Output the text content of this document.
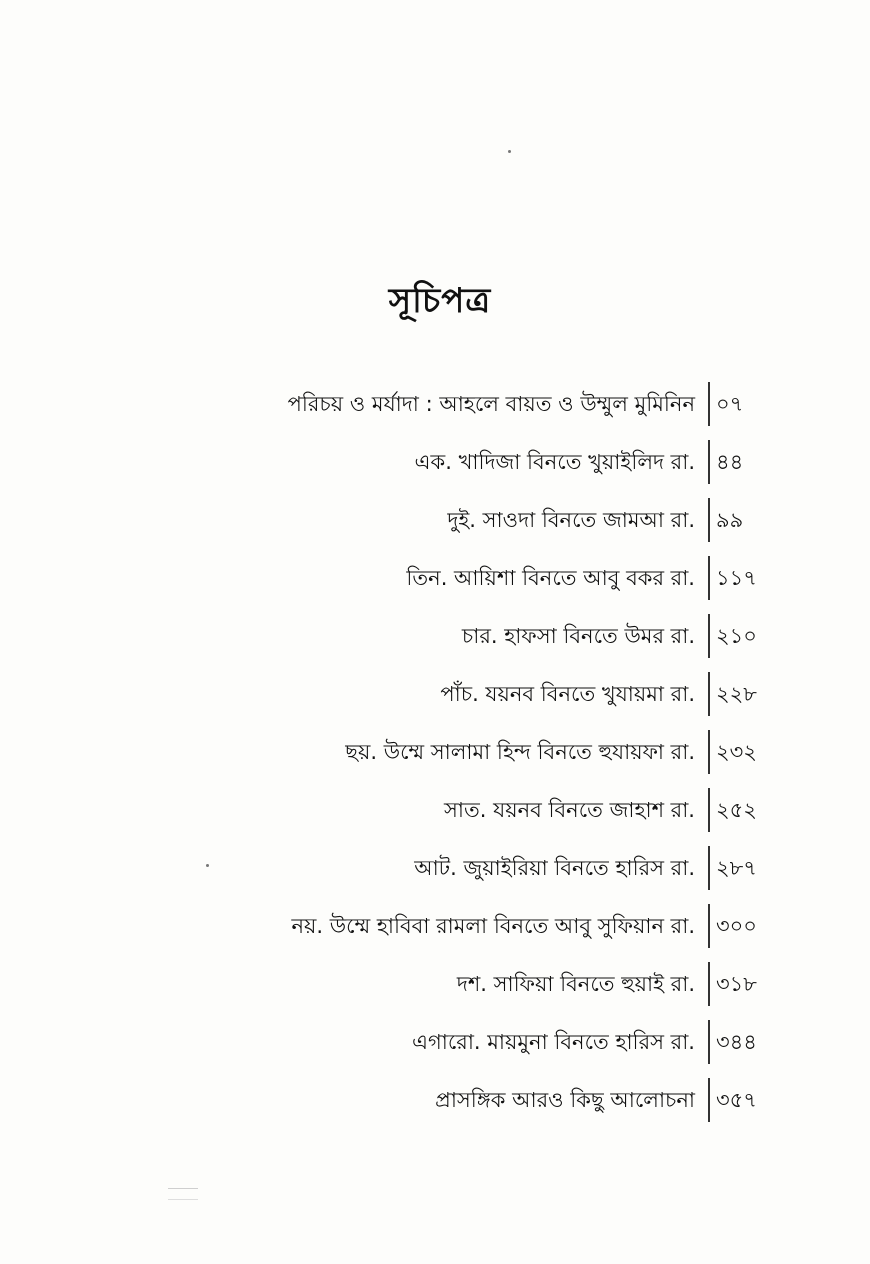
সূচিপত্র
পরিচয় ও মর্যাদা : আহলে বায়ত ও উম্মুল মুমিনিন ০৭
এক. খাদিজা বিনতে খুয়াইলিদ রা. ৪৪
দুই. সাওদা বিনতে জামআ রা. ৯৯
তিন. আয়িশা বিনতে আবু বকর রা. ১১৭
চার. হাফসা বিনতে উমর রা. ২১০
পাঁচ. যয়নব বিনতে খুযায়মা রা. ২২৮
ছয়. উম্মে সালামা হিন্দ বিনতে হুযায়ফা রা. ২৩২
সাত. যয়নব বিনতে জাহাশ রা. ২৫২
আট. জুয়াইরিয়া বিনতে হারিস রা. ২৮৭
নয়. উম্মে হাবিবা রামলা বিনতে আবু সুফিয়ান রা. ৩০০
দশ. সাফিয়া বিনতে হুয়াই রা. ৩১৮
এগারো. মায়মুনা বিনতে হারিস রা. ৩৪৪
প্রাসঙ্গিক আরও কিছু আলোচনা ৩৫৭
